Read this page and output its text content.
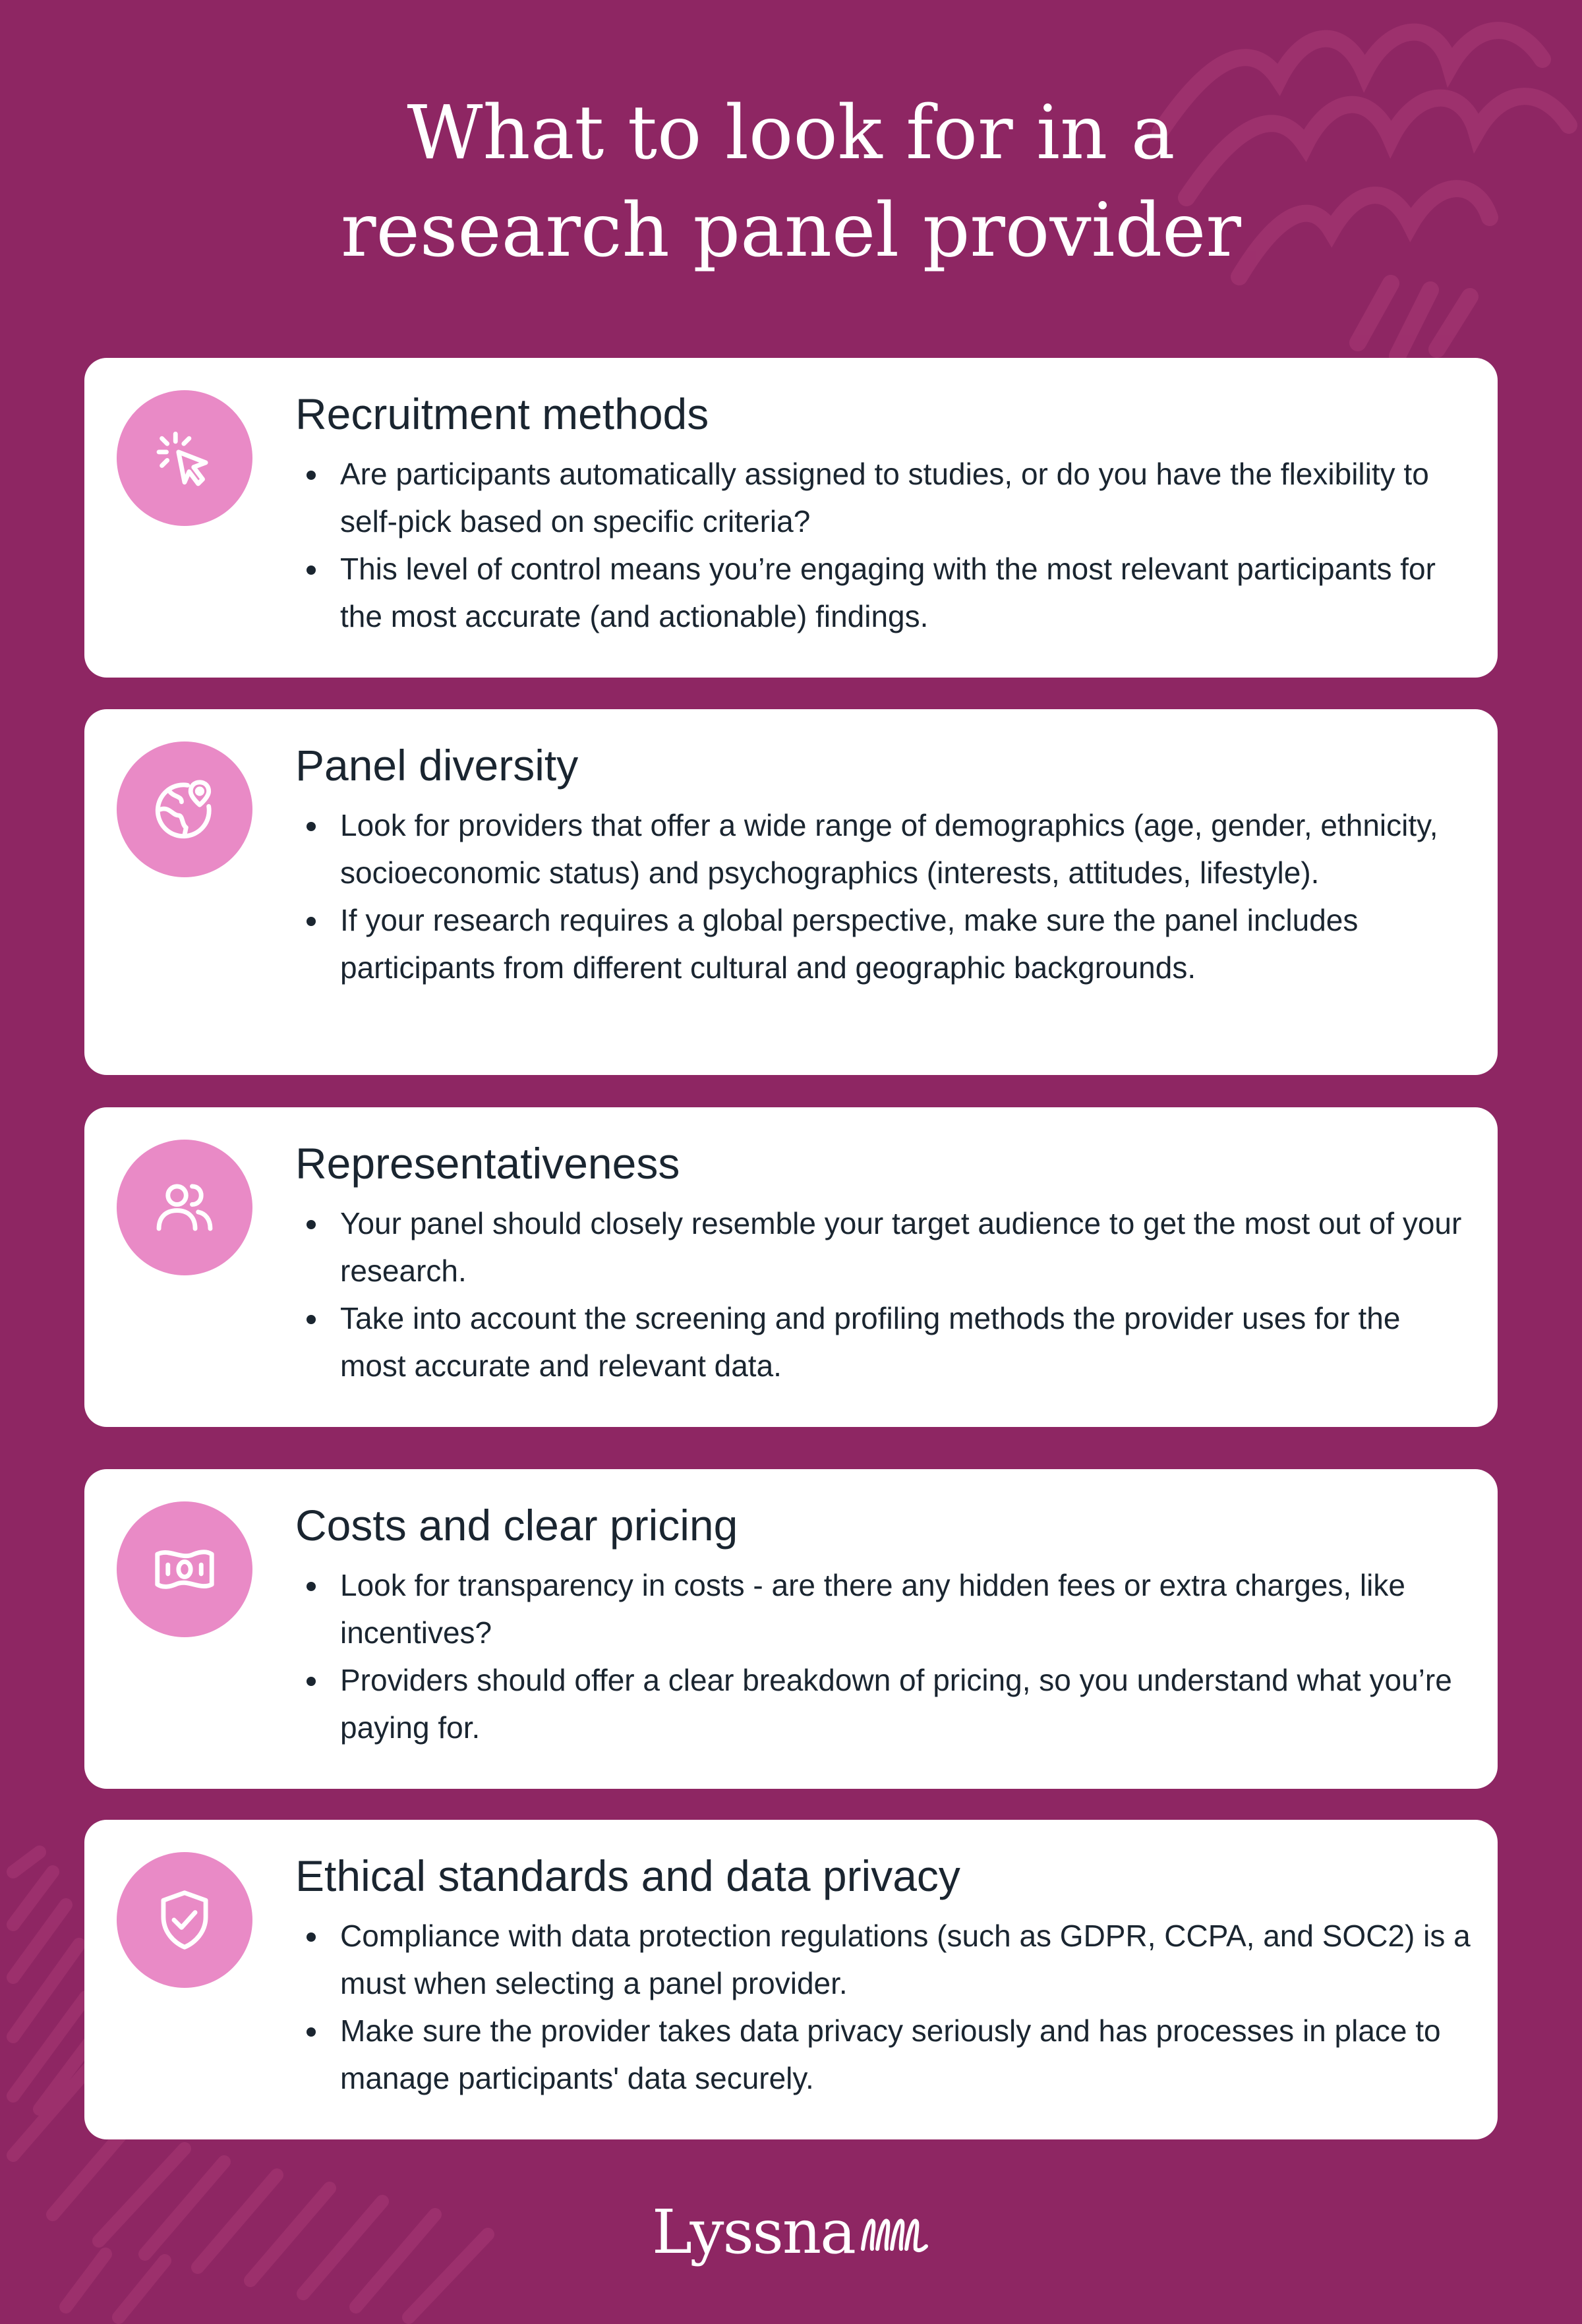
What to look for in a
research panel provider
Recruitment methods
• Are participants automatically assigned to studies, or do you have the flexibility to self-pick based on specific criteria?
• This level of control means you’re engaging with the most relevant participants for the most accurate (and actionable) findings.
Panel diversity
• Look for providers that offer a wide range of demographics (age, gender, ethnicity, socioeconomic status) and psychographics (interests, attitudes, lifestyle).
• If your research requires a global perspective, make sure the panel includes participants from different cultural and geographic backgrounds.
Representativeness
• Your panel should closely resemble your target audience to get the most out of your research.
• Take into account the screening and profiling methods the provider uses for the most accurate and relevant data.
Costs and clear pricing
• Look for transparency in costs - are there any hidden fees or extra charges, like incentives?
• Providers should offer a clear breakdown of pricing, so you understand what you’re paying for.
Ethical standards and data privacy
• Compliance with data protection regulations (such as GDPR, CCPA, and SOC2) is a must when selecting a panel provider.
• Make sure the provider takes data privacy seriously and has processes in place to manage participants' data securely.
Lyssna
